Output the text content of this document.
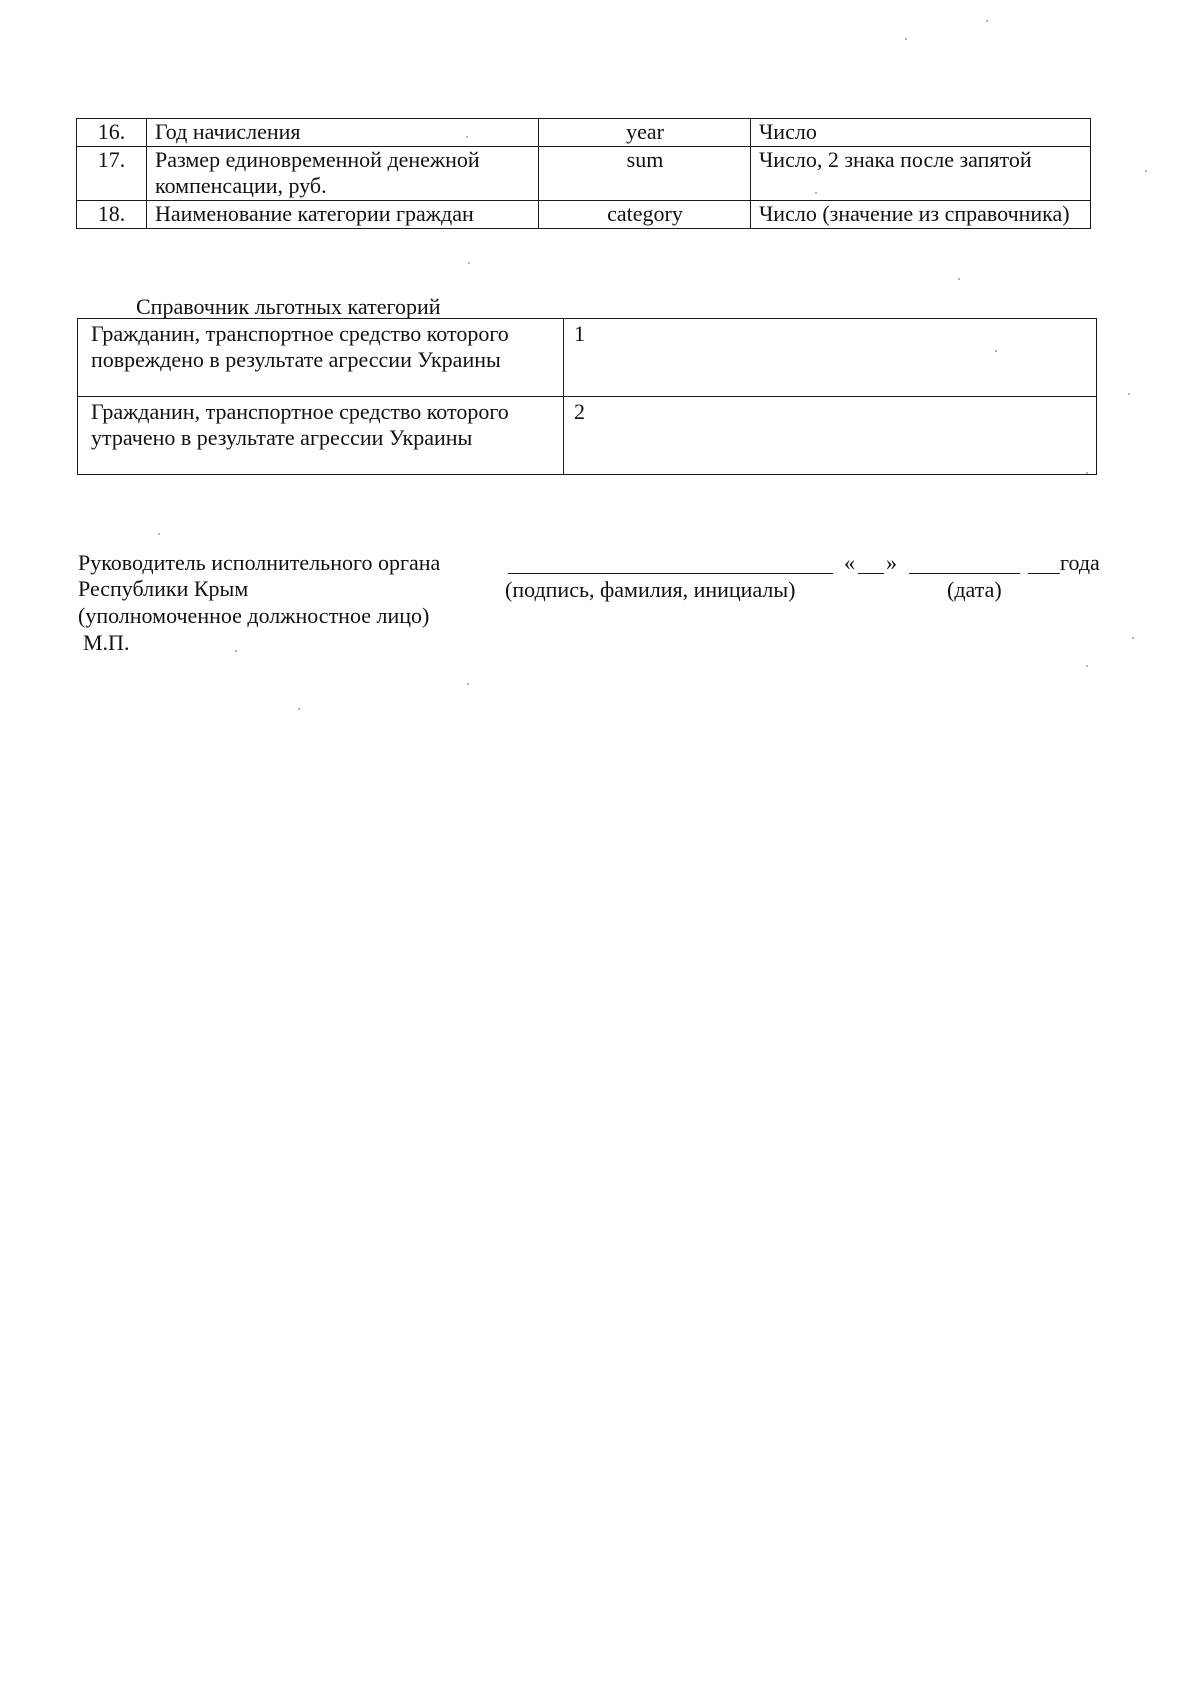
16.	Год начисления	year	Число
17.	Размер единовременной денежной компенсации, руб.	sum	Число, 2 знака после запятой
18.	Наименование категории граждан	category	Число (значение из справочника)
Справочник льготных категорий
Гражданин, транспортное средство которого повреждено в результате агрессии Украины	1
Гражданин, транспортное средство которого утрачено в результате агрессии Украины	2
Руководитель исполнительного органа
Республики Крым
(уполномоченное должностное лицо)
М.П.
(подпись, фамилия, инициалы)
« »	года
(дата)
